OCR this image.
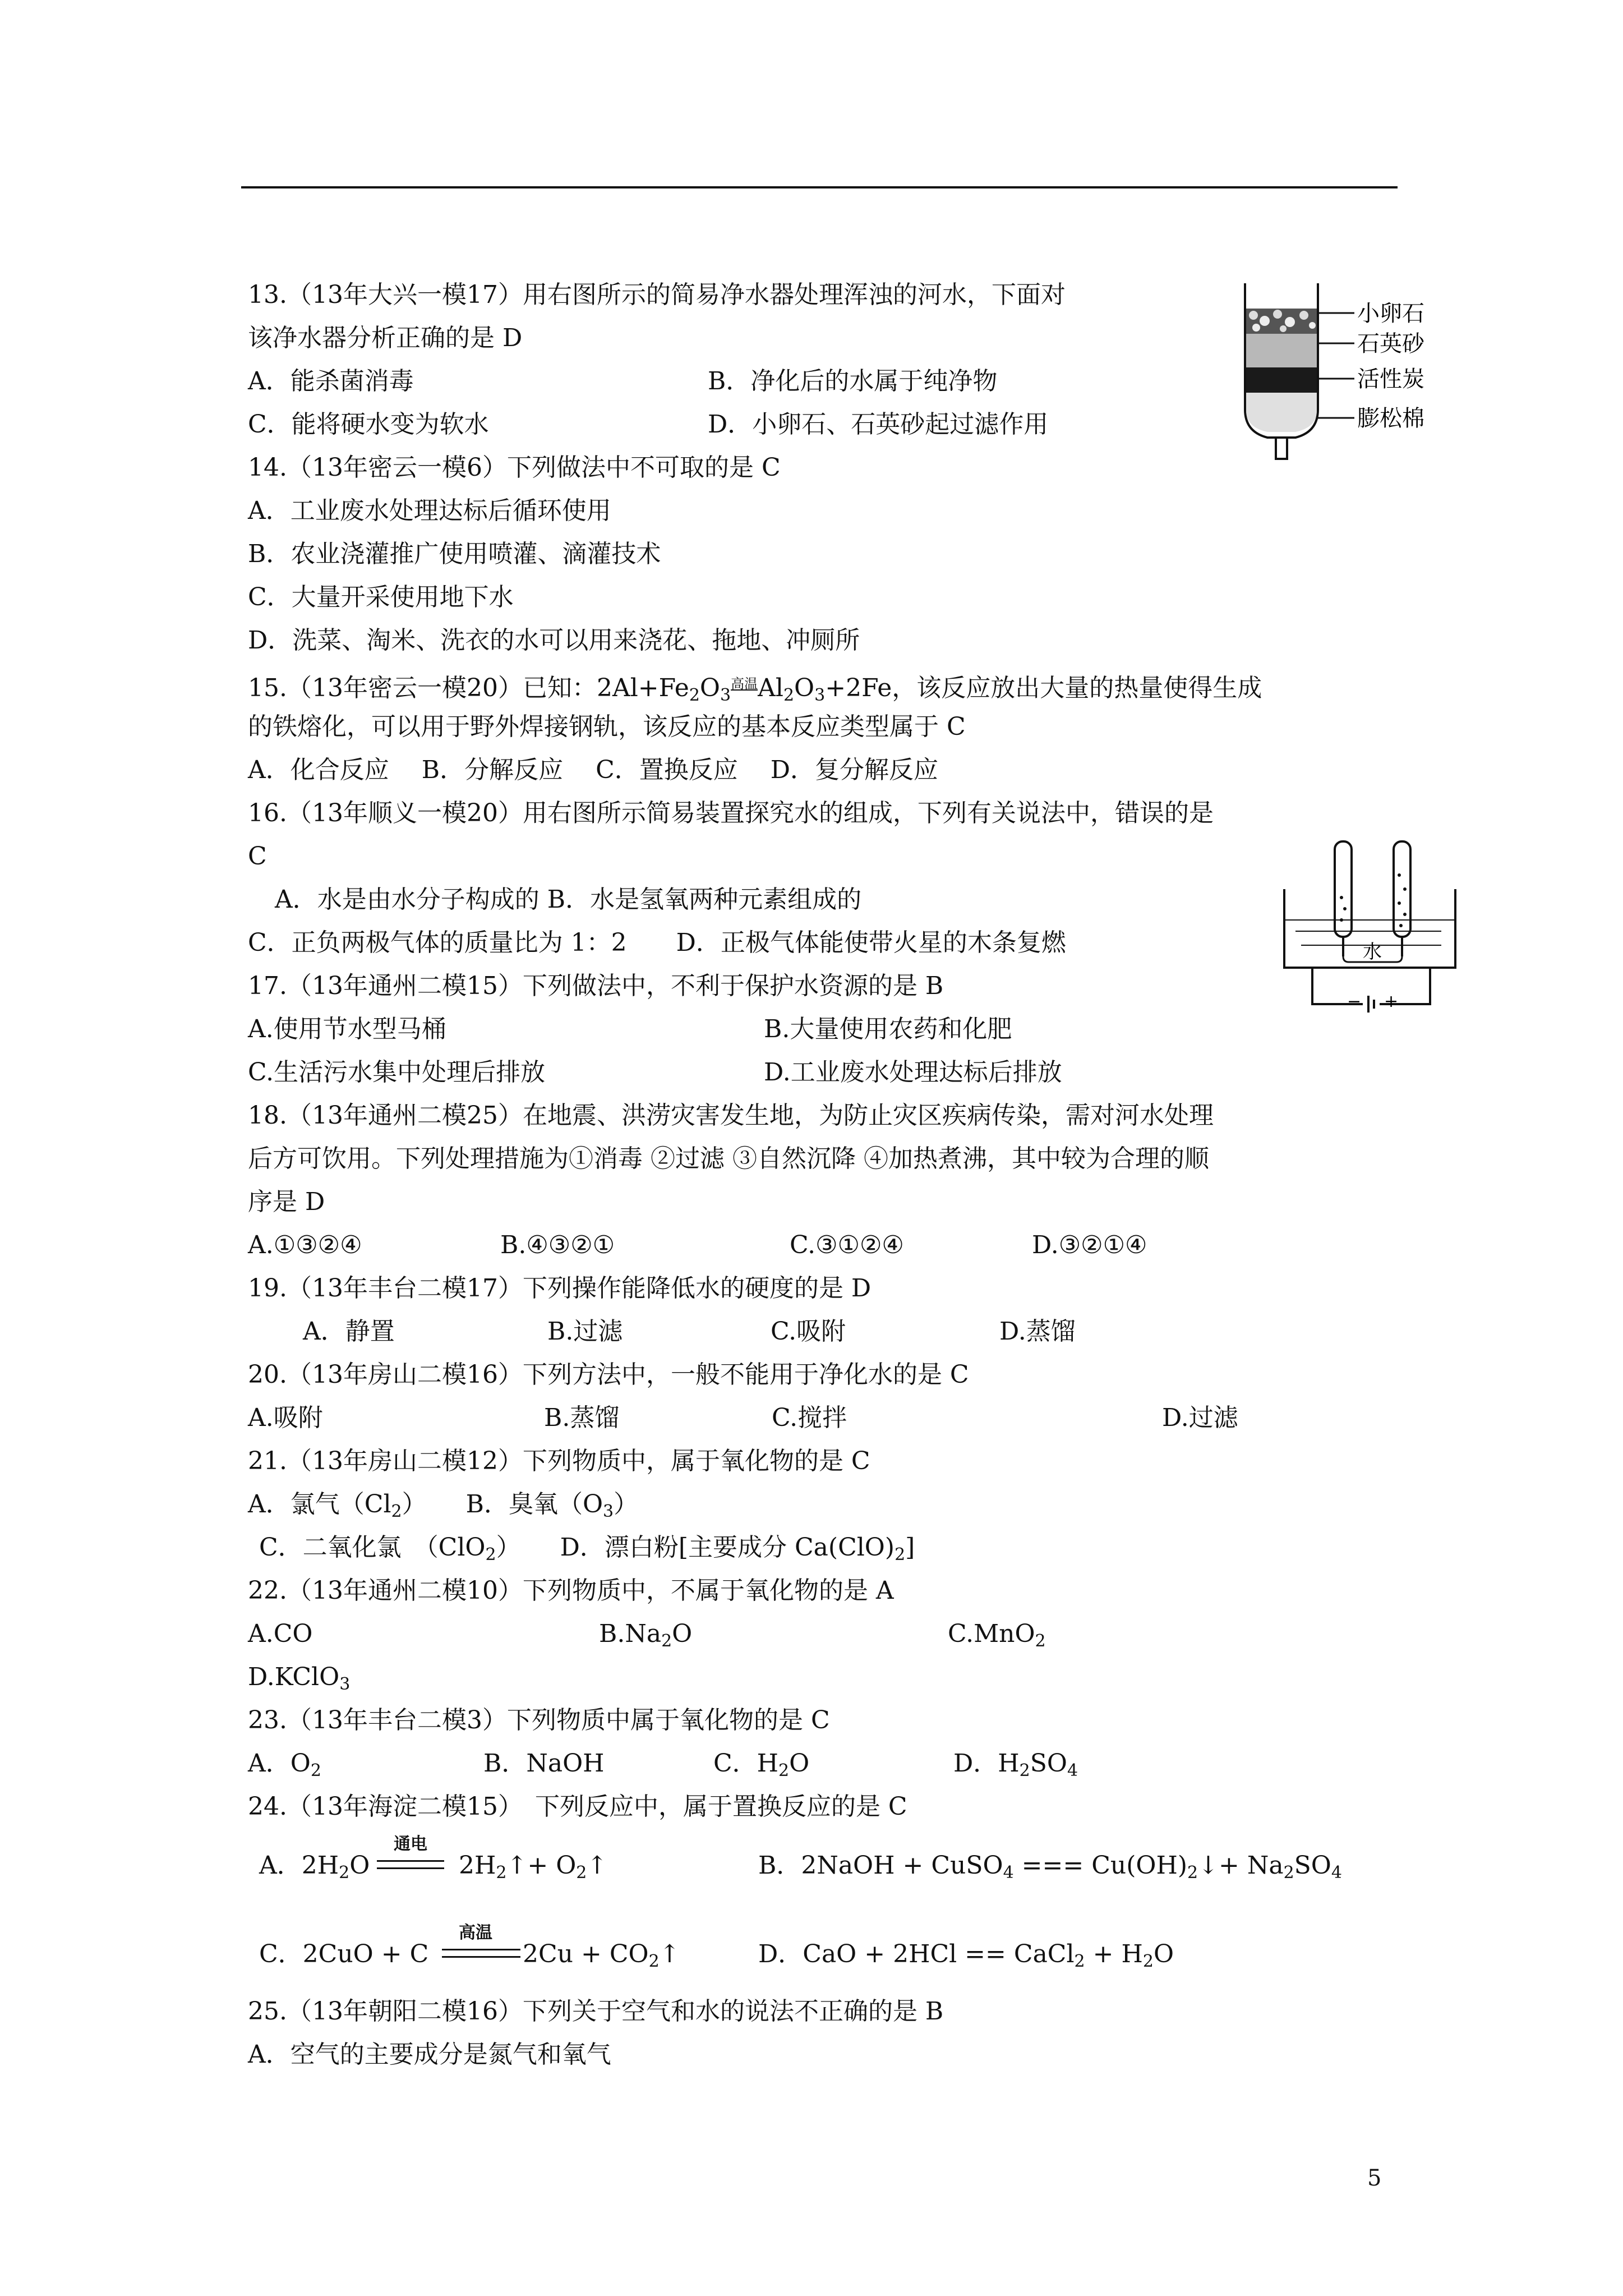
小卵石
石英砂
活性炭
膨松棉
水
− +
13.（13年大兴一模17）用右图所示的简易净水器处理浑浊的河水，下面对
该净水器分析正确的是 D
A．能杀菌消毒	B．净化后的水属于纯净物
C．能将硬水变为软水	D．小卵石、石英砂起过滤作用
14.（13年密云一模6）下列做法中不可取的是 C
A．工业废水处理达标后循环使用
B．农业浇灌推广使用喷灌、滴灌技术
C．大量开采使用地下水
D．洗菜、淘米、洗衣的水可以用来浇花、拖地、冲厕所
15.（13年密云一模20）已知：$2Al+Fe_2O_3^{高温}Al_2O_3+2Fe$，该反应放出大量的热量使得生成
的铁熔化，可以用于野外焊接钢轨，该反应的基本反应类型属于 C
A．化合反应　 B．分解反应　 C．置换反应　 D．复分解反应
16.（13年顺义一模20）用右图所示简易装置探究水的组成，下列有关说法中，错误的是
C
A．水是由水分子构成的 B．水是氢氧两种元素组成的
C．正负两极气体的质量比为 1：2　　D．正极气体能使带火星的木条复燃
17.（13年通州二模15）下列做法中，不利于保护水资源的是 B
A.使用节水型马桶	B.大量使用农药和化肥
C.生活污水集中处理后排放	D.工业废水处理达标后排放
18.（13年通州二模25）在地震、洪涝灾害发生地，为防止灾区疾病传染，需对河水处理
后方可饮用。下列处理措施为①消毒 ②过滤 ③自然沉降 ④加热煮沸，其中较为合理的顺
序是 D
A.①③②④	B.④③②①	C.③①②④	D.③②①④
19.（13年丰台二模17）下列操作能降低水的硬度的是 D
A．静置	B.过滤	C.吸附	D.蒸馏
20.（13年房山二模16）下列方法中，一般不能用于净化水的是 C
A.吸附	B.蒸馏	C.搅拌	D.过滤
21.（13年房山二模12）下列物质中，属于氧化物的是 C
A．氯气$(Cl_2)$ B．臭氧$(O_3)$
C．二氧化氯　（ClO$_2$） D．漂白粉[主要成分 $Ca(ClO)_2$]
22.（13年通州二模10）下列物质中，不属于氧化物的是 A
A.CO	$B.Na_2O$	C.MnO$_2$
D.KClO$_3$
23.（13年丰台二模3）下列物质中属于氧化物的是 C
A．$O_2$	B．NaOH	C．$H_2O$	D．$H_2SO_4$
24.（13年海淀二模15）　下列反应中，属于置换反应的是 C
A．$2H_2O$
通电
$2H_2↑+$ $O_2↑$	B．2NaOH + CuSO$_4$ === $Cu(OH)_2↓+ Na_2SO_4$
C．2CuO + C
高温
$2Cu + CO_2↑$	D．CaO + 2HCl == CaCl$_2$ + $H_2O$
25.（13年朝阳二模16）下列关于空气和水的说法不正确的是 B
A．空气的主要成分是氮气和氧气
5
